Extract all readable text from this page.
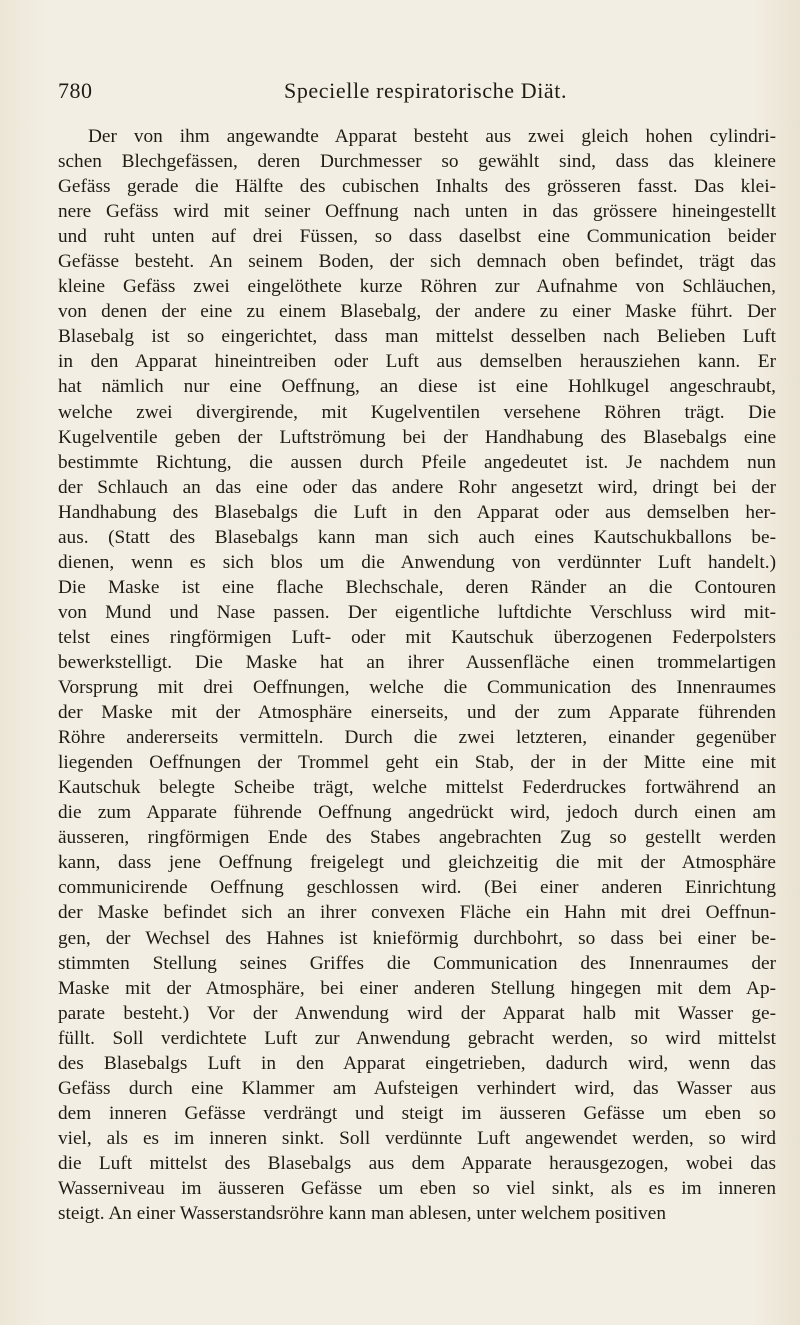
780	Specielle respiratorische Diät.
Der von ihm angewandte Apparat besteht aus zwei gleich hohen cylindri-
schen Blechgefässen, deren Durchmesser so gewählt sind, dass das kleinere
Gefäss gerade die Hälfte des cubischen Inhalts des grösseren fasst. Das klei-
nere Gefäss wird mit seiner Oeffnung nach unten in das grössere hineingestellt
und ruht unten auf drei Füssen, so dass daselbst eine Communication beider
Gefässe besteht. An seinem Boden, der sich demnach oben befindet, trägt das
kleine Gefäss zwei eingelöthete kurze Röhren zur Aufnahme von Schläuchen,
von denen der eine zu einem Blasebalg, der andere zu einer Maske führt. Der
Blasebalg ist so eingerichtet, dass man mittelst desselben nach Belieben Luft
in den Apparat hineintreiben oder Luft aus demselben herausziehen kann. Er
hat nämlich nur eine Oeffnung, an diese ist eine Hohlkugel angeschraubt,
welche zwei divergirende, mit Kugelventilen versehene Röhren trägt. Die
Kugelventile geben der Luftströmung bei der Handhabung des Blasebalgs eine
bestimmte Richtung, die aussen durch Pfeile angedeutet ist. Je nachdem nun
der Schlauch an das eine oder das andere Rohr angesetzt wird, dringt bei der
Handhabung des Blasebalgs die Luft in den Apparat oder aus demselben her-
aus. (Statt des Blasebalgs kann man sich auch eines Kautschukballons be-
dienen, wenn es sich blos um die Anwendung von verdünnter Luft handelt.)
Die Maske ist eine flache Blechschale, deren Ränder an die Contouren
von Mund und Nase passen. Der eigentliche luftdichte Verschluss wird mit-
telst eines ringförmigen Luft- oder mit Kautschuk überzogenen Federpolsters
bewerkstelligt. Die Maske hat an ihrer Aussenfläche einen trommelartigen
Vorsprung mit drei Oeffnungen, welche die Communication des Innenraumes
der Maske mit der Atmosphäre einerseits, und der zum Apparate führenden
Röhre andererseits vermitteln. Durch die zwei letzteren, einander gegenüber
liegenden Oeffnungen der Trommel geht ein Stab, der in der Mitte eine mit
Kautschuk belegte Scheibe trägt, welche mittelst Federdruckes fortwährend an
die zum Apparate führende Oeffnung angedrückt wird, jedoch durch einen am
äusseren, ringförmigen Ende des Stabes angebrachten Zug so gestellt werden
kann, dass jene Oeffnung freigelegt und gleichzeitig die mit der Atmosphäre
communicirende Oeffnung geschlossen wird. (Bei einer anderen Einrichtung
der Maske befindet sich an ihrer convexen Fläche ein Hahn mit drei Oeffnun-
gen, der Wechsel des Hahnes ist knieförmig durchbohrt, so dass bei einer be-
stimmten Stellung seines Griffes die Communication des Innenraumes der
Maske mit der Atmosphäre, bei einer anderen Stellung hingegen mit dem Ap-
parate besteht.) Vor der Anwendung wird der Apparat halb mit Wasser ge-
füllt. Soll verdichtete Luft zur Anwendung gebracht werden, so wird mittelst
des Blasebalgs Luft in den Apparat eingetrieben, dadurch wird, wenn das
Gefäss durch eine Klammer am Aufsteigen verhindert wird, das Wasser aus
dem inneren Gefässe verdrängt und steigt im äusseren Gefässe um eben so
viel, als es im inneren sinkt. Soll verdünnte Luft angewendet werden, so wird
die Luft mittelst des Blasebalgs aus dem Apparate herausgezogen, wobei das
Wasserniveau im äusseren Gefässe um eben so viel sinkt, als es im inneren
steigt. An einer Wasserstandsröhre kann man ablesen, unter welchem positiven
